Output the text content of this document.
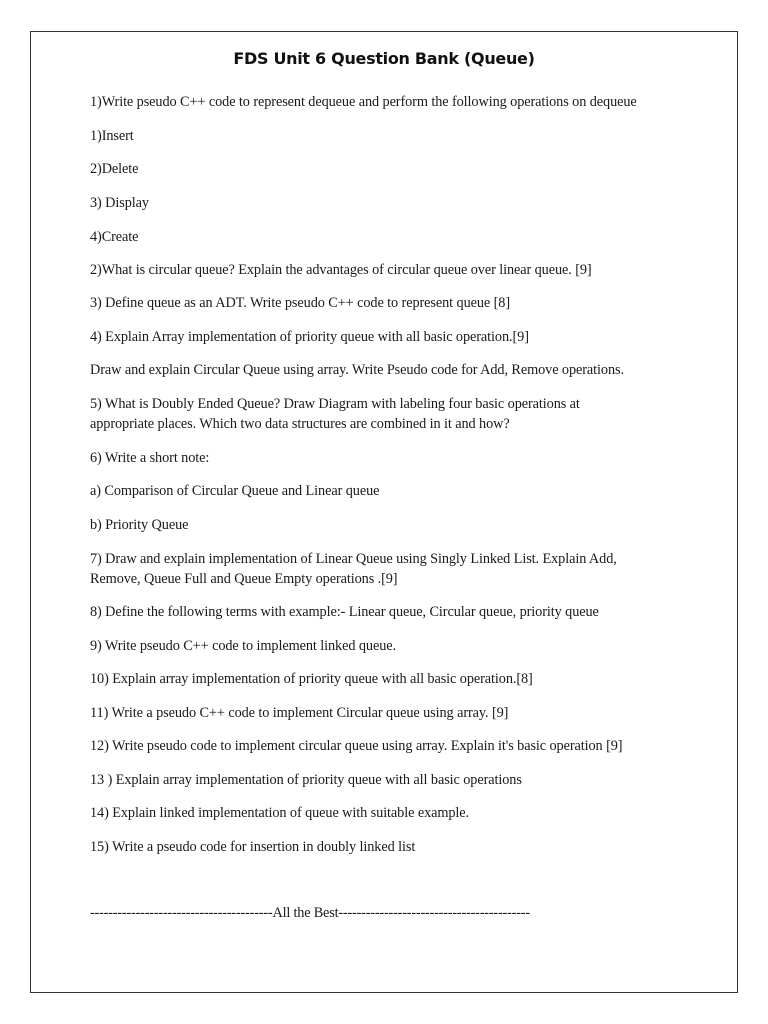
FDS Unit 6 Question Bank (Queue)
1)Write pseudo C++ code to represent dequeue and perform the following operations on dequeue
1)Insert
2)Delete
3) Display
4)Create
2)What is circular queue? Explain the advantages of circular queue over linear queue. [9]
3) Define queue as an ADT. Write pseudo C++ code to represent queue [8]
4) Explain Array implementation of priority queue with all basic operation.[9]
Draw and explain Circular Queue using array. Write Pseudo code for Add, Remove operations.
5) What is Doubly Ended Queue? Draw Diagram with labeling four basic operations at
appropriate places. Which two data structures are combined in it and how?
6) Write a short note:
a) Comparison of Circular Queue and Linear queue
b) Priority Queue
7) Draw and explain implementation of Linear Queue using Singly Linked List. Explain Add,
Remove, Queue Full and Queue Empty operations .[9]
8) Define the following terms with example:- Linear queue, Circular queue, priority queue
9) Write pseudo C++ code to implement linked queue.
10) Explain array implementation of priority queue with all basic operation.[8]
11) Write a pseudo C++ code to implement Circular queue using array. [9]
12) Write pseudo code to implement circular queue using array. Explain it's basic operation [9]
13 ) Explain array implementation of priority queue with all basic operations
14) Explain linked implementation of queue with suitable example.
15) Write a pseudo code for insertion in doubly linked list
----------------------------------------All the Best------------------------------------------
